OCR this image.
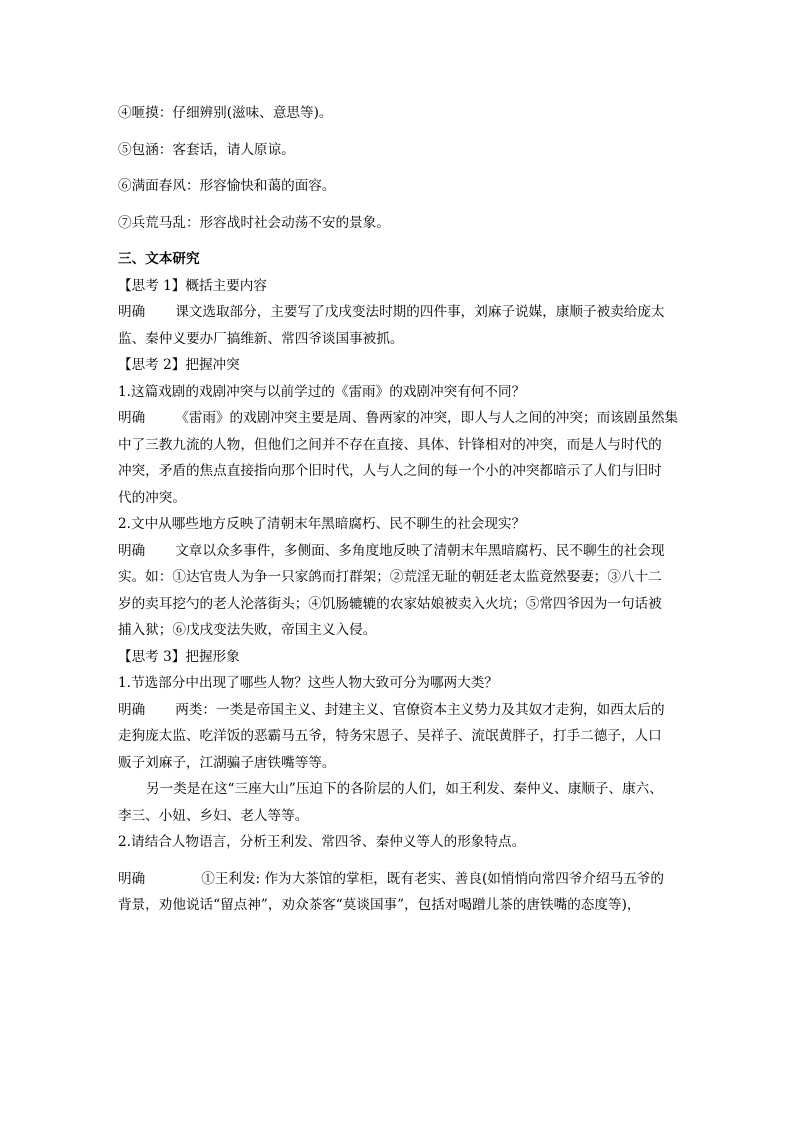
④咂摸：仔细辨别(滋味、意思等)。
⑤包涵：客套话，请人原谅。
⑥满面春风：形容愉快和蔼的面容。
⑦兵荒马乱：形容战时社会动荡不安的景象。
三、文本研究
【思考 1】概括主要内容
明确 课文选取部分，主要写了戊戌变法时期的四件事，刘麻子说媒，康顺子被卖给庞太
监、秦仲义要办厂搞维新、常四爷谈国事被抓。
【思考 2】把握冲突
1.这篇戏剧的戏剧冲突与以前学过的《雷雨》的戏剧冲突有何不同？
明确 《雷雨》的戏剧冲突主要是周、鲁两家的冲突，即人与人之间的冲突；而该剧虽然集
中了三教九流的人物，但他们之间并不存在直接、具体、针锋相对的冲突，而是人与时代的
冲突，矛盾的焦点直接指向那个旧时代，人与人之间的每一个小的冲突都暗示了人们与旧时
代的冲突。
2.文中从哪些地方反映了清朝末年黑暗腐朽、民不聊生的社会现实？
明确 文章以众多事件，多侧面、多角度地反映了清朝末年黑暗腐朽、民不聊生的社会现
实。如：①达官贵人为争一只家鸽而打群架；②荒淫无耻的朝廷老太监竟然娶妻；③八十二
岁的卖耳挖勺的老人沦落街头；④饥肠辘辘的农家姑娘被卖入火坑；⑤常四爷因为一句话被
捕入狱；⑥戊戌变法失败，帝国主义入侵。
【思考 3】把握形象
1.节选部分中出现了哪些人物？这些人物大致可分为哪两大类？
明确 两类：一类是帝国主义、封建主义、官僚资本主义势力及其奴才走狗，如西太后的
走狗庞太监、吃洋饭的恶霸马五爷，特务宋恩子、吴祥子、流氓黄胖子，打手二德子，人口
贩子刘麻子，江湖骗子唐铁嘴等等。
另一类是在这“三座大山”压迫下的各阶层的人们，如王利发、秦仲义、康顺子、康六、
李三、小妞、乡妇、老人等等。
2.请结合人物语言，分析王利发、常四爷、秦仲义等人的形象特点。
明确	①王利发: 作为大茶馆的掌柜，既有老实、善良(如悄悄向常四爷介绍马五爷的
背景，劝他说话“留点神”，劝众茶客“莫谈国事”，包括对喝蹭儿茶的唐铁嘴的态度等)，
